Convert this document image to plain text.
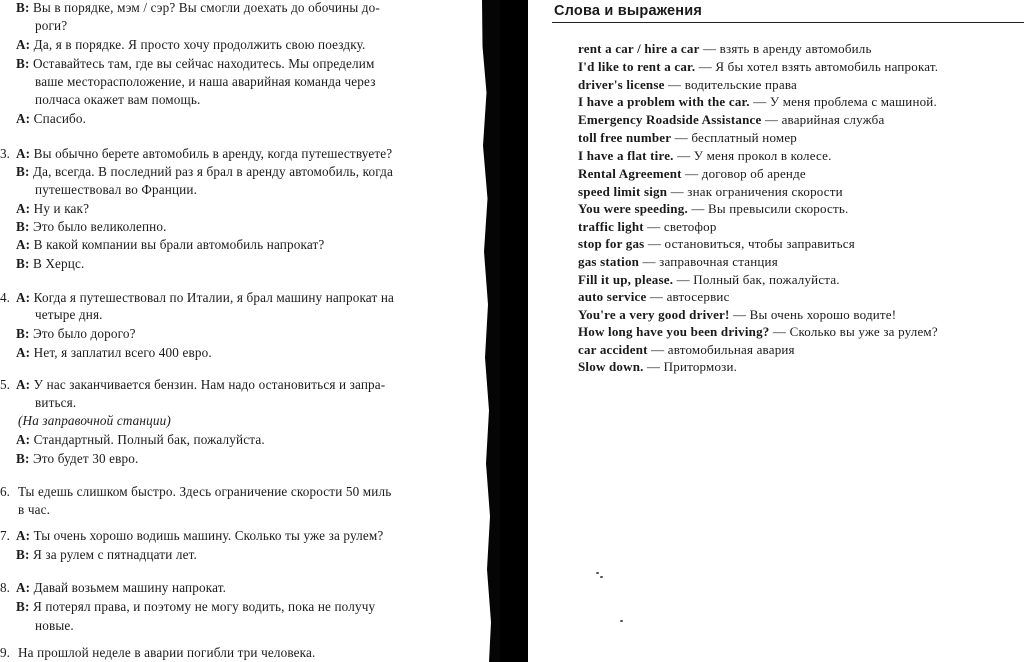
B: Вы в порядке, мэм / сэр? Вы смогли доехать до обочины до-
роги?
A: Да, я в порядке. Я просто хочу продолжить свою поездку.
B: Оставайтесь там, где вы сейчас находитесь. Мы определим
ваше месторасположение, и наша аварийная команда через
полчаса окажет вам помощь.
A: Спасибо.
3. A: Вы обычно берете автомобиль в аренду, когда путешествуете?
B: Да, всегда. В последний раз я брал в аренду автомобиль, когда
путешествовал во Франции.
A: Ну и как?
B: Это было великолепно.
A: В какой компании вы брали автомобиль напрокат?
B: В Херцс.
4. A: Когда я путешествовал по Италии, я брал машину напрокат на
четыре дня.
B: Это было дорого?
A: Нет, я заплатил всего 400 евро.
5. A: У нас заканчивается бензин. Нам надо остановиться и запра-
виться.
(На заправочной станции)
A: Стандартный. Полный бак, пожалуйста.
B: Это будет 30 евро.
6. Ты едешь слишком быстро. Здесь ограничение скорости 50 миль
в час.
7. A: Ты очень хорошо водишь машину. Сколько ты уже за рулем?
B: Я за рулем с пятнадцати лет.
8. A: Давай возьмем машину напрокат.
B: Я потерял права, и поэтому не могу водить, пока не получу
новые.
9. На прошлой неделе в аварии погибли три человека.
Слова и выражения
rent a car / hire a car — взять в аренду автомобиль
I'd like to rent a car. — Я бы хотел взять автомобиль напрокат.
driver's license — водительские права
I have a problem with the car. — У меня проблема с машиной.
Emergency Roadside Assistance — аварийная служба
toll free number — бесплатный номер
I have a flat tire. — У меня прокол в колесе.
Rental Agreement — договор об аренде
speed limit sign — знак ограничения скорости
You were speeding. — Вы превысили скорость.
traffic light — светофор
stop for gas — остановиться, чтобы заправиться
gas station — заправочная станция
Fill it up, please. — Полный бак, пожалуйста.
auto service — автосервис
You're a very good driver! — Вы очень хорошо водите!
How long have you been driving? — Сколько вы уже за рулем?
car accident — автомобильная авария
Slow down. — Притормози.
